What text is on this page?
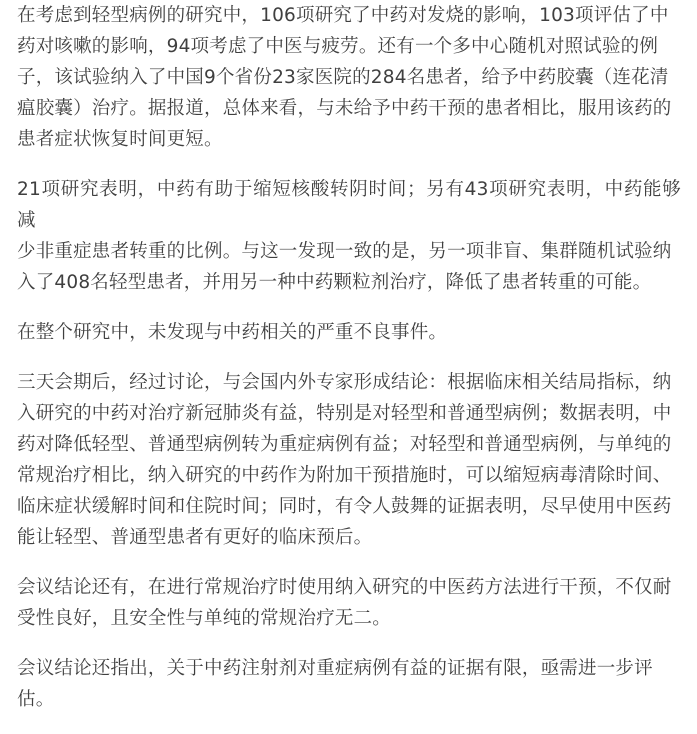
在考虑到轻型病例的研究中，106项研究了中药对发烧的影响，103项评估了中
药对咳嗽的影响，94项考虑了中医与疲劳。还有一个多中心随机对照试验的例
子，该试验纳入了中国9个省份23家医院的284名患者，给予中药胶囊（连花清
瘟胶囊）治疗。据报道，总体来看，与未给予中药干预的患者相比，服用该药的
患者症状恢复时间更短。

21项研究表明，中药有助于缩短核酸转阴时间；另有43项研究表明，中药能够减
少非重症患者转重的比例。与这一发现一致的是，另一项非盲、集群随机试验纳
入了408名轻型患者，并用另一种中药颗粒剂治疗，降低了患者转重的可能。

在整个研究中，未发现与中药相关的严重不良事件。

三天会期后，经过讨论，与会国内外专家形成结论：根据临床相关结局指标，纳
入研究的中药对治疗新冠肺炎有益，特别是对轻型和普通型病例；数据表明，中
药对降低轻型、普通型病例转为重症病例有益；对轻型和普通型病例，与单纯的
常规治疗相比，纳入研究的中药作为附加干预措施时，可以缩短病毒清除时间、
临床症状缓解时间和住院时间；同时，有令人鼓舞的证据表明，尽早使用中医药
能让轻型、普通型患者有更好的临床预后。

会议结论还有，在进行常规治疗时使用纳入研究的中医药方法进行干预，不仅耐
受性良好，且安全性与单纯的常规治疗无二。

会议结论还指出，关于中药注射剂对重症病例有益的证据有限，亟需进一步评
估。
